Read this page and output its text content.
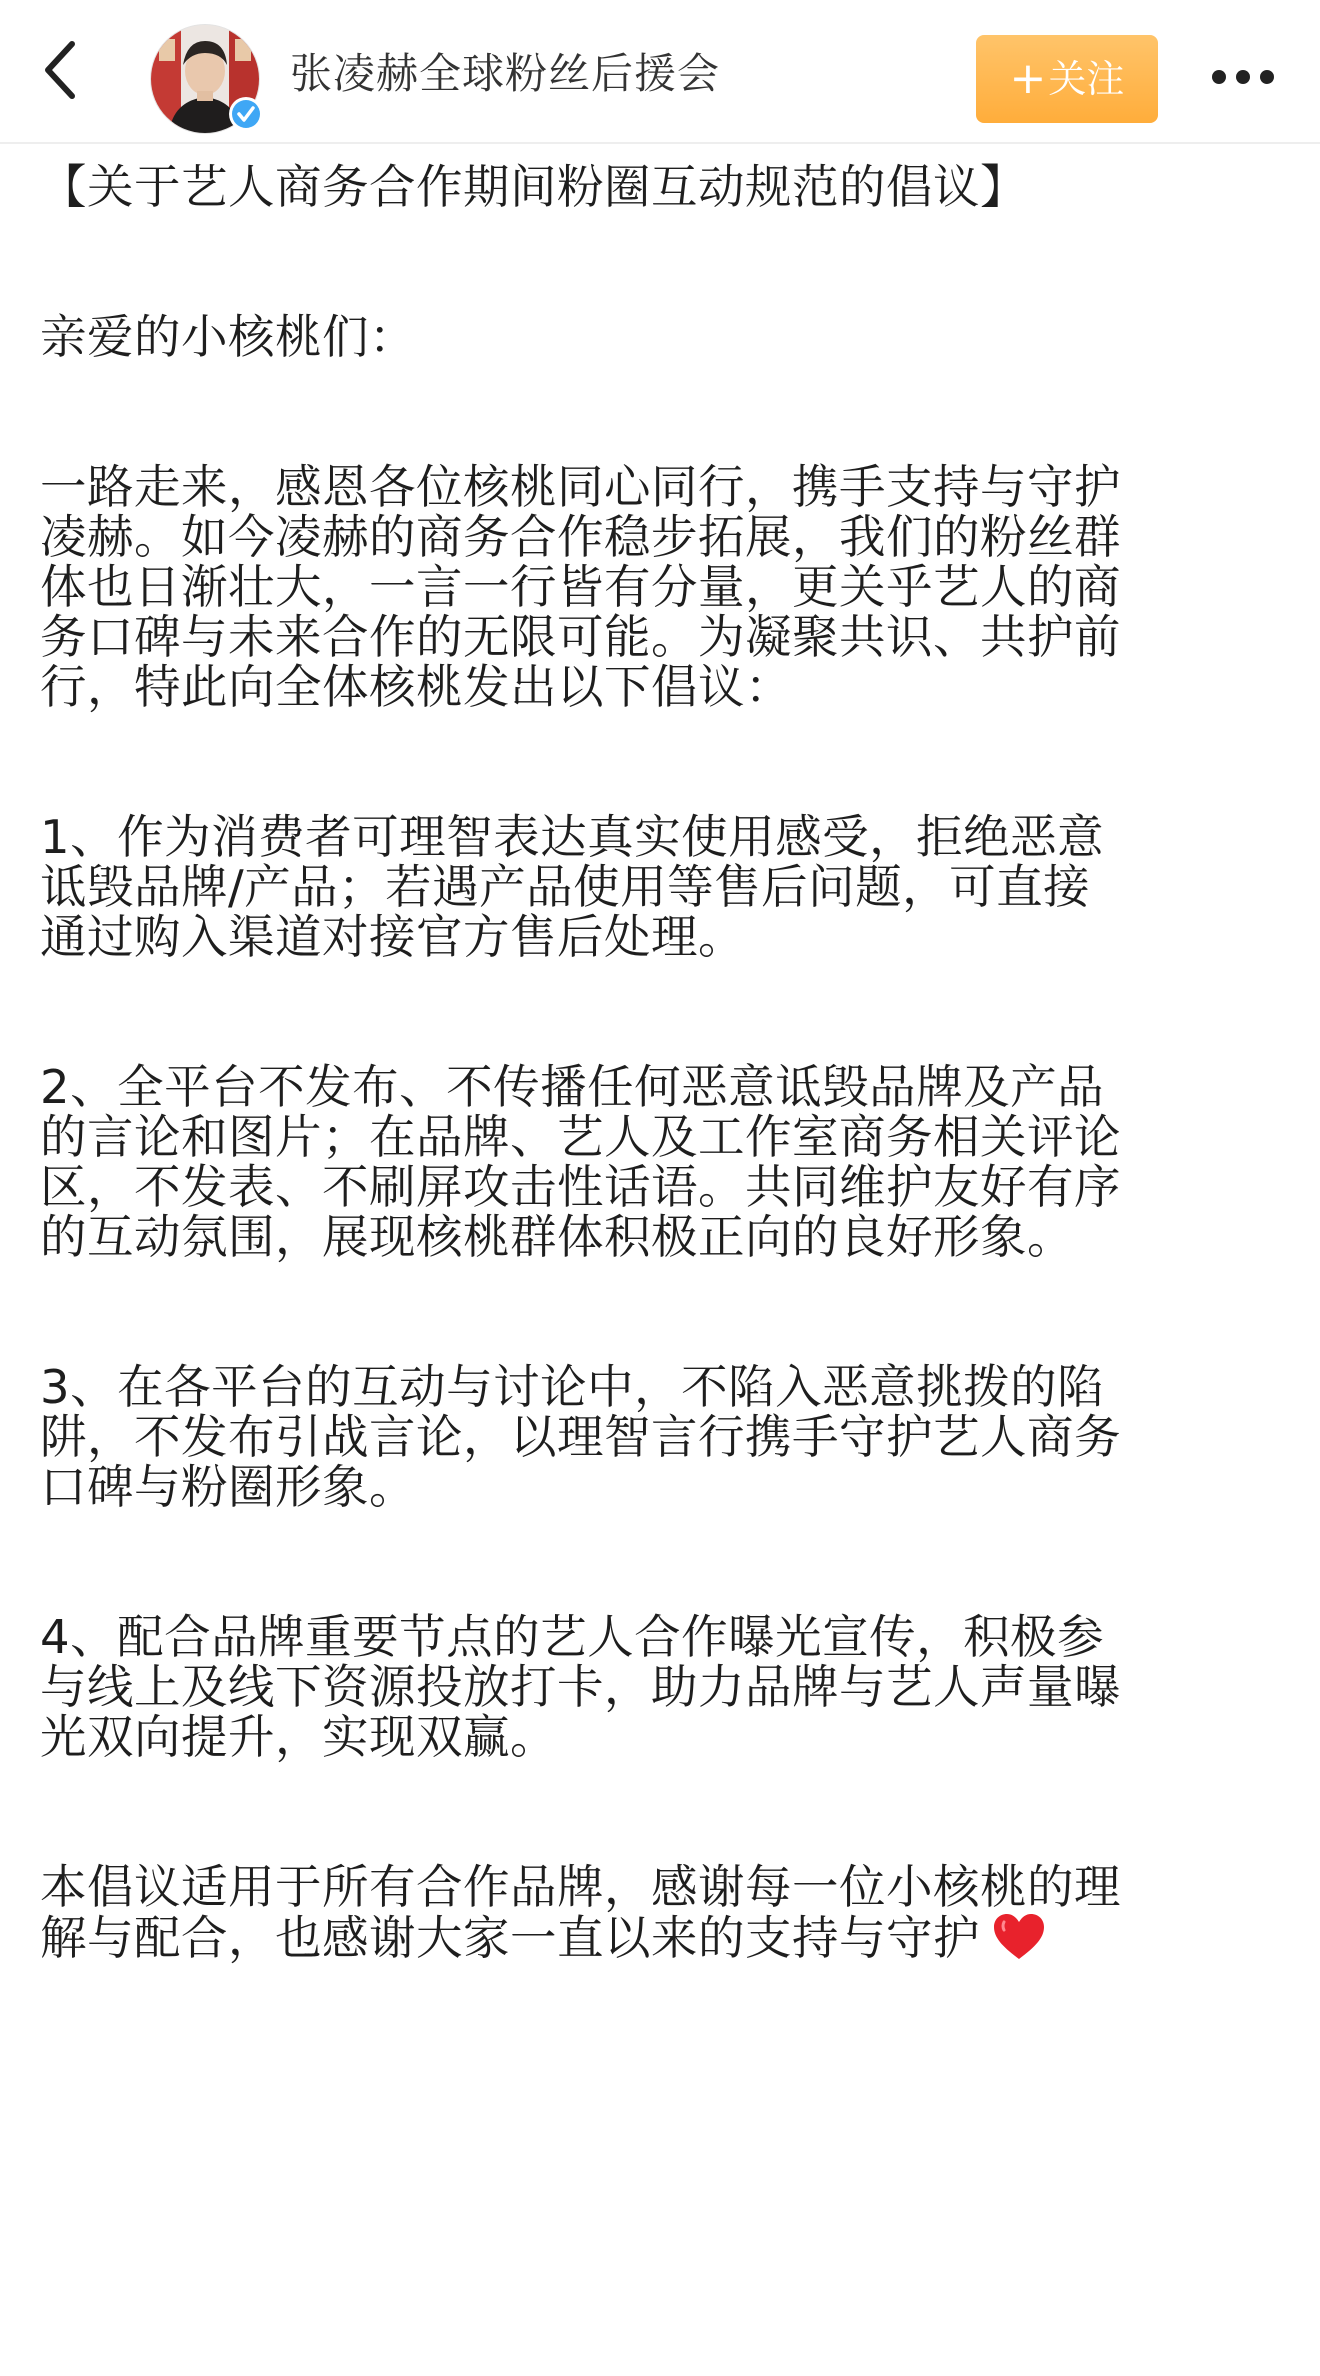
张凌赫全球粉丝后援会	+ 关注

【关于艺人商务合作期间粉圈互动规范的倡议】

亲爱的小核桃们：

一路走来，感恩各位核桃同心同行，携手支持与守护
凌赫。如今凌赫的商务合作稳步拓展，我们的粉丝群
体也日渐壮大，一言一行皆有分量，更关乎艺人的商
务口碑与未来合作的无限可能。为凝聚共识、共护前
行，特此向全体核桃发出以下倡议：

1、作为消费者可理智表达真实使用感受，拒绝恶意
诋毁品牌/产品；若遇产品使用等售后问题，可直接
通过购入渠道对接官方售后处理。

2、全平台不发布、不传播任何恶意诋毁品牌及产品
的言论和图片；在品牌、艺人及工作室商务相关评论
区，不发表、不刷屏攻击性话语。共同维护友好有序
的互动氛围，展现核桃群体积极正向的良好形象。

3、在各平台的互动与讨论中，不陷入恶意挑拨的陷
阱，不发布引战言论，以理智言行携手守护艺人商务
口碑与粉圈形象。

4、配合品牌重要节点的艺人合作曝光宣传，积极参
与线上及线下资源投放打卡，助力品牌与艺人声量曝
光双向提升，实现双赢。

本倡议适用于所有合作品牌，感谢每一位小核桃的理
解与配合，也感谢大家一直以来的支持与守护
